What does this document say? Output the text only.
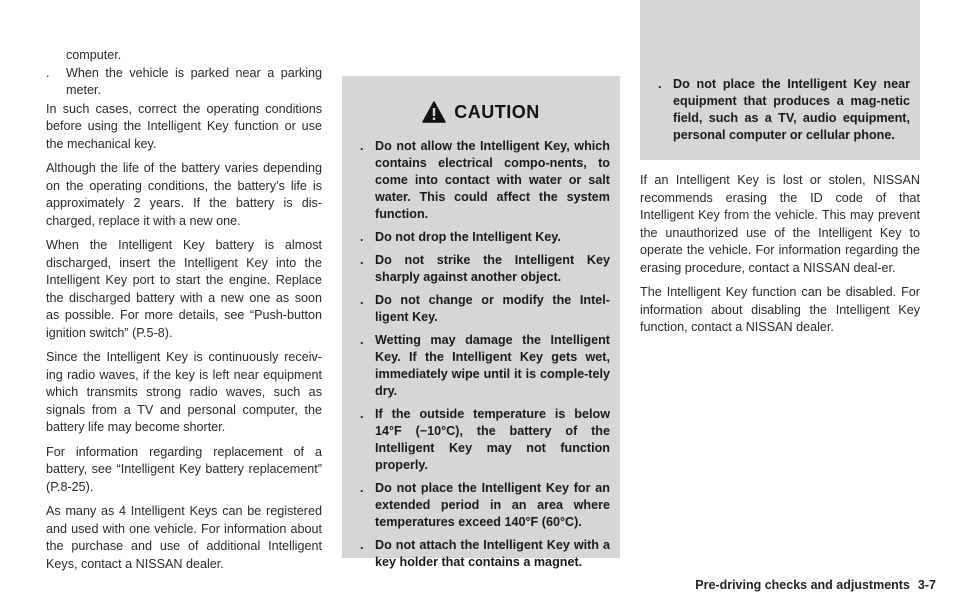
computer.

. When the vehicle is parked near a parking meter.

In such cases, correct the operating conditions before using the Intelligent Key function or use the mechanical key.

Although the life of the battery varies depending on the operating conditions, the battery’s life is approximately 2 years. If the battery is dis-charged, replace it with a new one.

When the Intelligent Key battery is almost discharged, insert the Intelligent Key into the Intelligent Key port to start the engine. Replace the discharged battery with a new one as soon as possible. For more details, see “Push-button ignition switch” (P.5-8).

Since the Intelligent Key is continuously receiv-ing radio waves, if the key is left near equipment which transmits strong radio waves, such as signals from a TV and personal computer, the battery life may become shorter.

For information regarding replacement of a battery, see “Intelligent Key battery replacement” (P.8-25).

As many as 4 Intelligent Keys can be registered and used with one vehicle. For information about the purchase and use of additional Intelligent Keys, contact a NISSAN dealer.

CAUTION
. Do not allow the Intelligent Key, which contains electrical compo-nents, to come into contact with water or salt water. This could affect the system function.
. Do not drop the Intelligent Key.
. Do not strike the Intelligent Key sharply against another object.
. Do not change or modify the Intel-ligent Key.
. Wetting may damage the Intelligent Key. If the Intelligent Key gets wet, immediately wipe until it is comple-tely dry.
. If the outside temperature is below 14°F (−10°C), the battery of the Intelligent Key may not function properly.
. Do not place the Intelligent Key for an extended period in an area where temperatures exceed 140°F (60°C).
. Do not attach the Intelligent Key with a key holder that contains a magnet.
. Do not place the Intelligent Key near equipment that produces a mag-netic field, such as a TV, audio equipment, personal computer or cellular phone.

If an Intelligent Key is lost or stolen, NISSAN recommends erasing the ID code of that Intelligent Key from the vehicle. This may prevent the unauthorized use of the Intelligent Key to operate the vehicle. For information regarding the erasing procedure, contact a NISSAN deal-er.

The Intelligent Key function can be disabled. For information about disabling the Intelligent Key function, contact a NISSAN dealer.

Pre-driving checks and adjustments 3-7
